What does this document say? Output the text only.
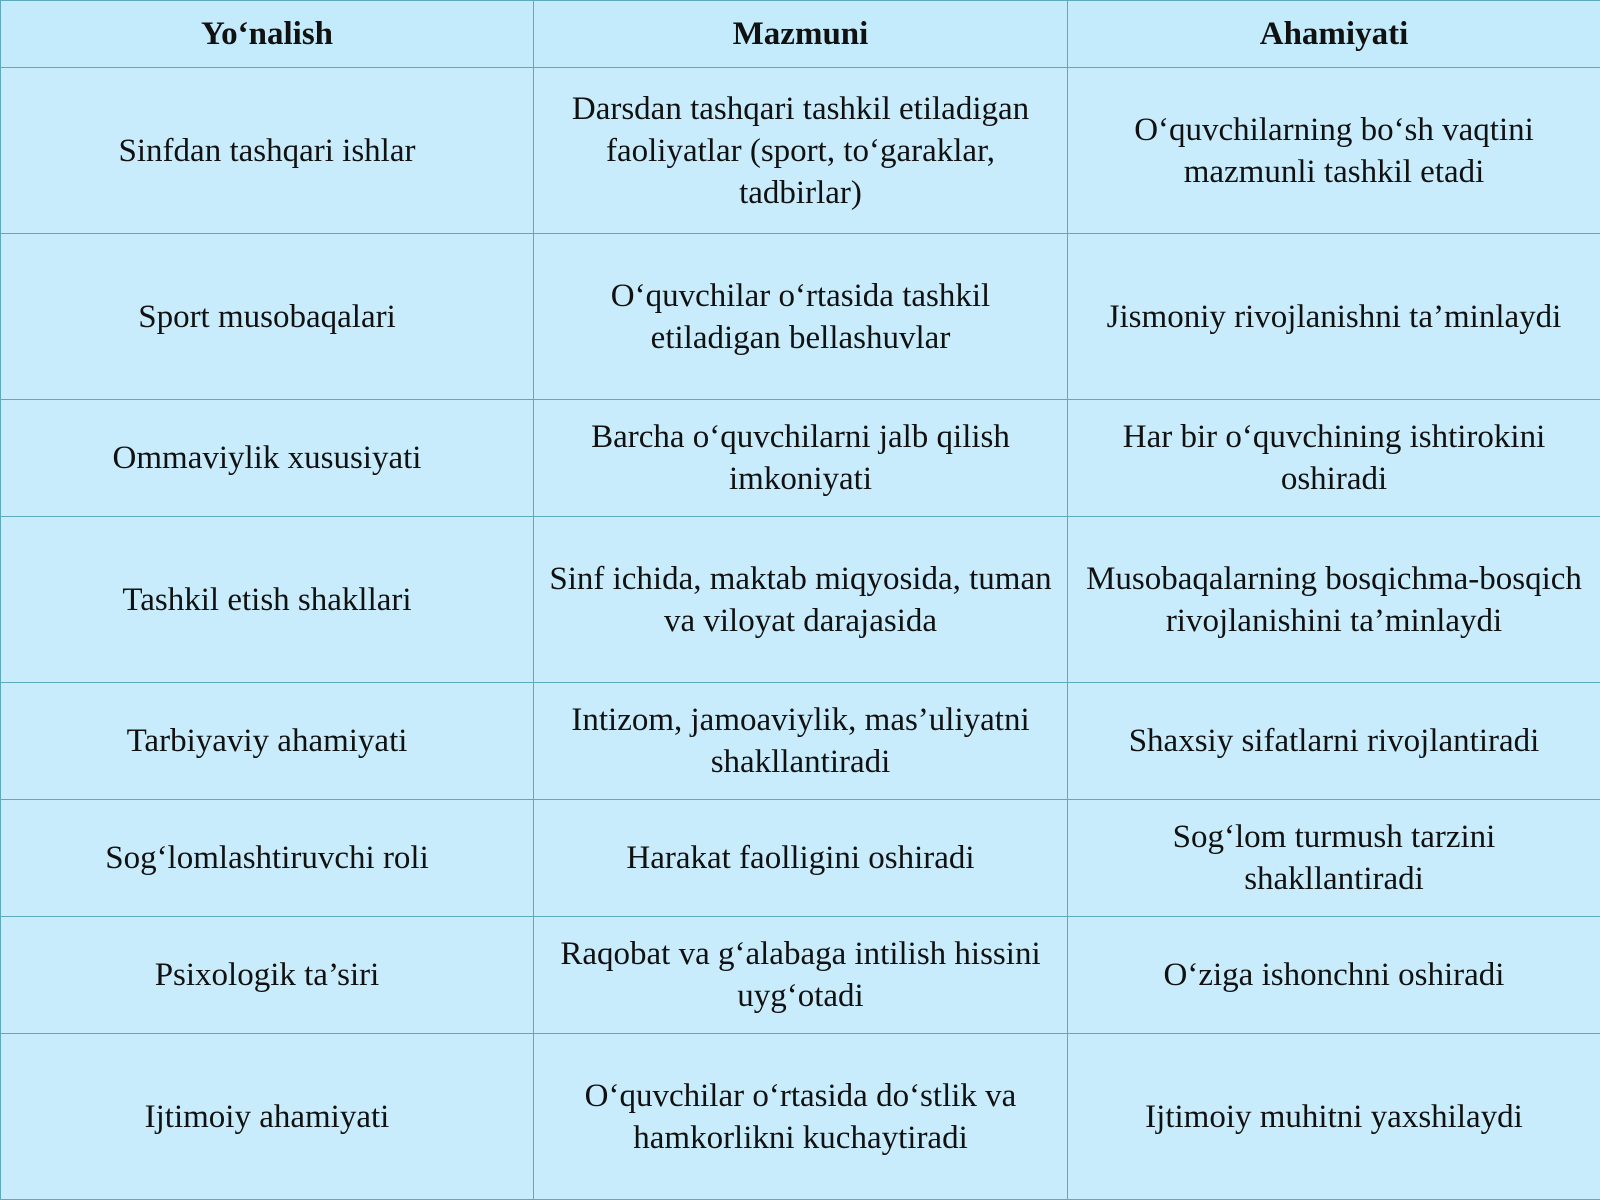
Yo‘nalish	Mazmuni	Ahamiyati
Sinfdan tashqari ishlar	Darsdan tashqari tashkil etiladigan faoliyatlar (sport, to‘garaklar, tadbirlar)	O‘quvchilarning bo‘sh vaqtini mazmunli tashkil etadi
Sport musobaqalari	O‘quvchilar o‘rtasida tashkil etiladigan bellashuvlar	Jismoniy rivojlanishni ta’minlaydi
Ommaviylik xususiyati	Barcha o‘quvchilarni jalb qilish imkoniyati	Har bir o‘quvchining ishtirokini oshiradi
Tashkil etish shakllari	Sinf ichida, maktab miqyosida, tuman va viloyat darajasida	Musobaqalarning bosqichma-bosqich rivojlanishini ta’minlaydi
Tarbiyaviy ahamiyati	Intizom, jamoaviylik, mas’uliyatni shakllantiradi	Shaxsiy sifatlarni rivojlantiradi
Sog‘lomlashtiruvchi roli	Harakat faolligini oshiradi	Sog‘lom turmush tarzini shakllantiradi
Psixologik ta’siri	Raqobat va g‘alabaga intilish hissini uyg‘otadi	O‘ziga ishonchni oshiradi
Ijtimoiy ahamiyati	O‘quvchilar o‘rtasida do‘stlik va hamkorlikni kuchaytiradi	Ijtimoiy muhitni yaxshilaydi
